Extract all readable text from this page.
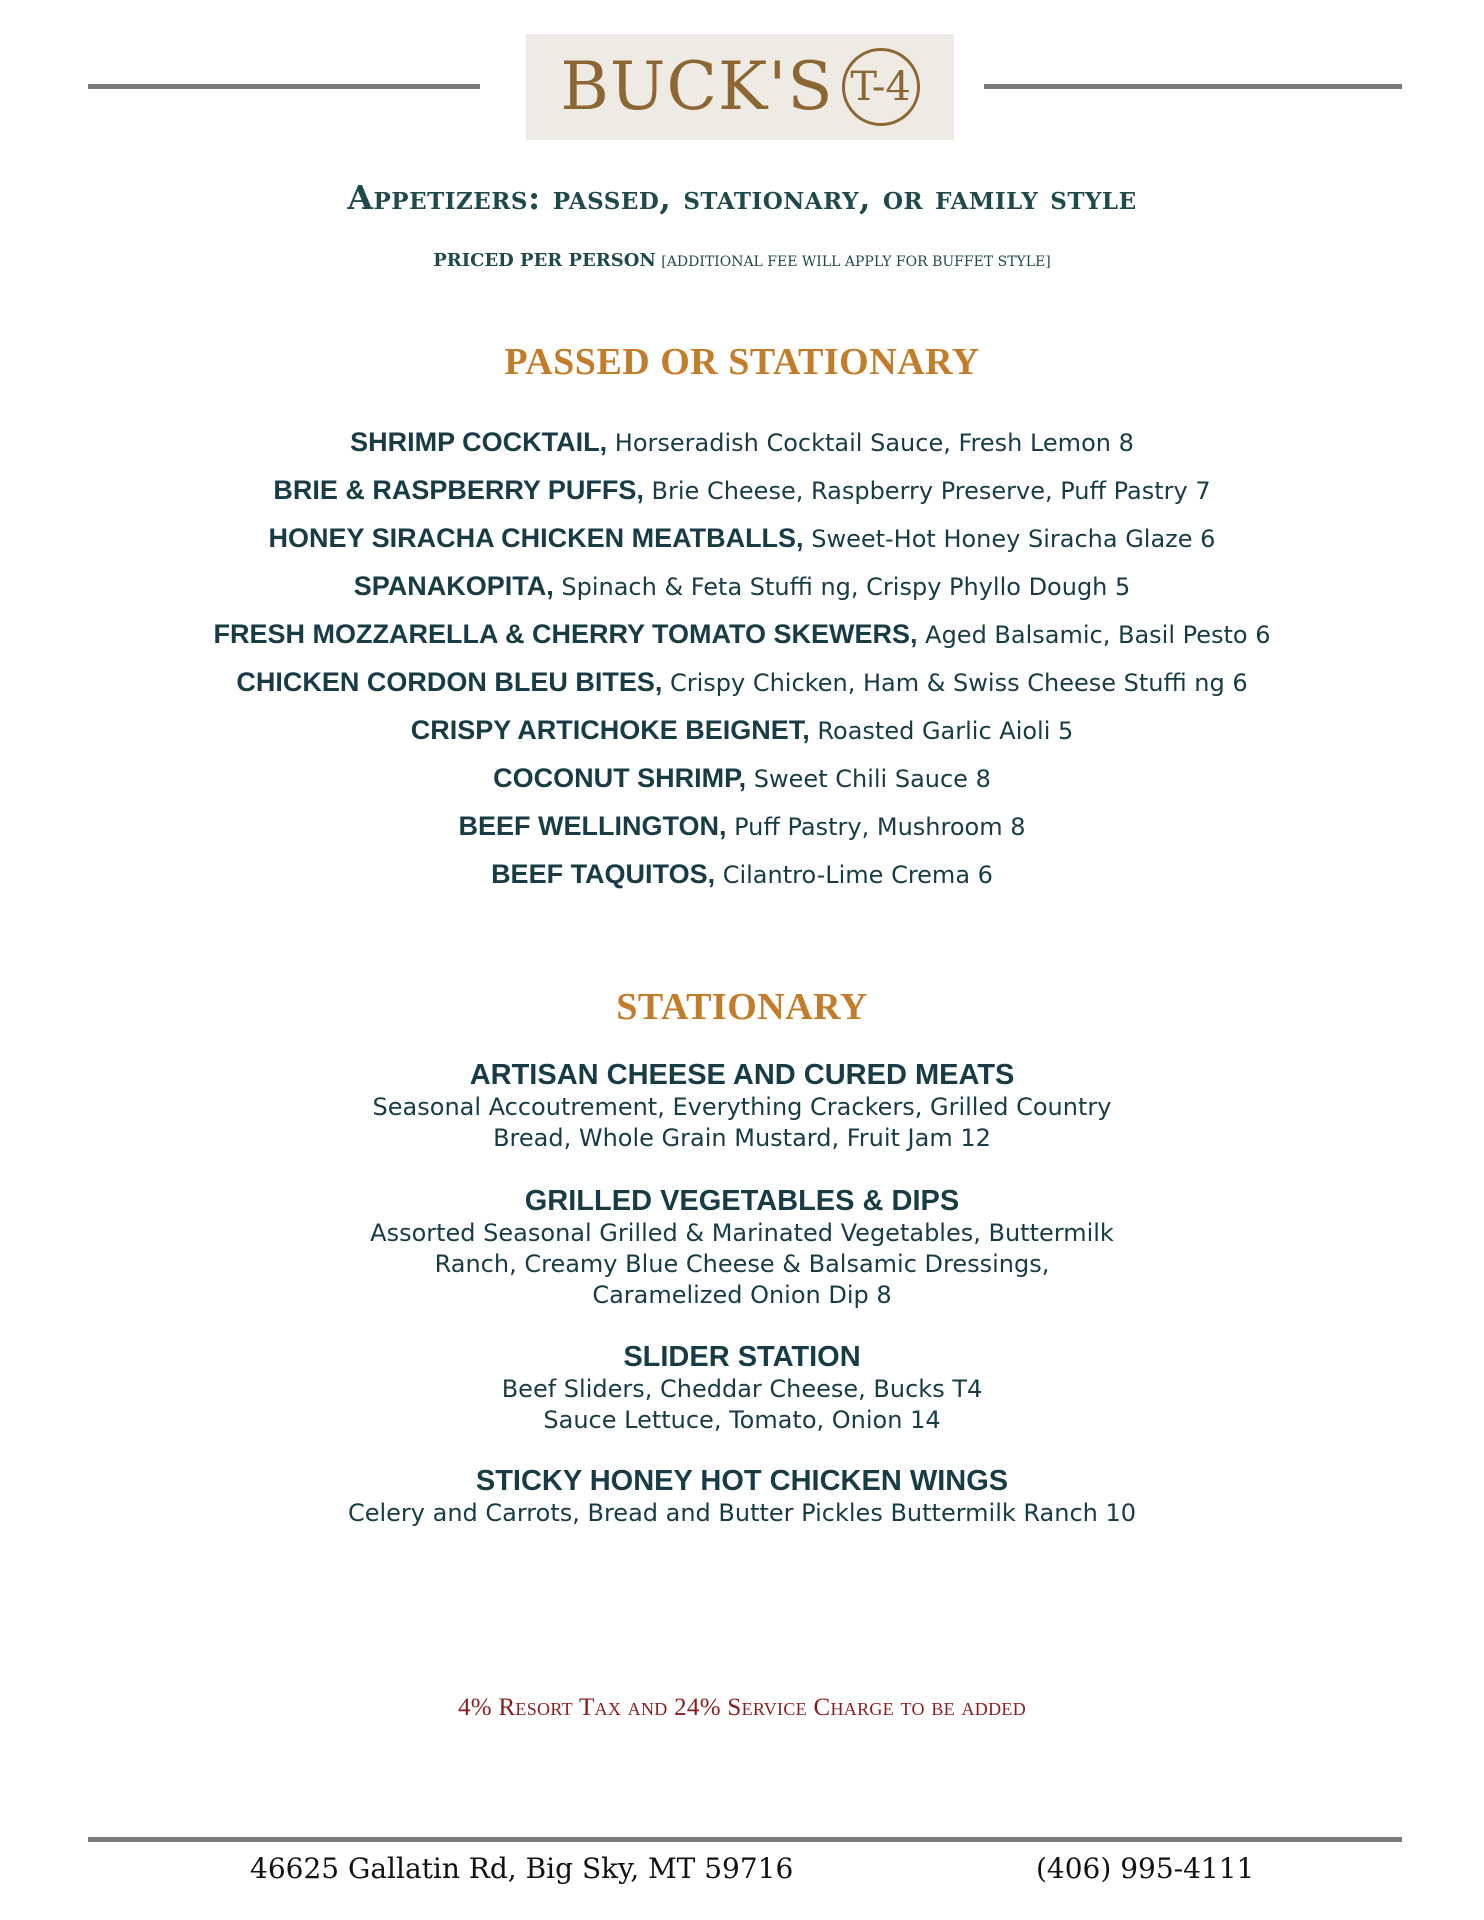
BUCK'S T-4
Appetizers: passed, stationary, or family style
PRICED PER PERSON [ADDITIONAL FEE WILL APPLY FOR BUFFET STYLE]
PASSED OR STATIONARY
SHRIMP COCKTAIL, Horseradish Cocktail Sauce, Fresh Lemon 8
BRIE & RASPBERRY PUFFS, Brie Cheese, Raspberry Preserve, Puff Pastry 7
HONEY SIRACHA CHICKEN MEATBALLS, Sweet-Hot Honey Siracha Glaze 6
SPANAKOPITA, Spinach & Feta Stuffi ng, Crispy Phyllo Dough 5
FRESH MOZZARELLA & CHERRY TOMATO SKEWERS, Aged Balsamic, Basil Pesto 6
CHICKEN CORDON BLEU BITES, Crispy Chicken, Ham & Swiss Cheese Stuffi ng 6
CRISPY ARTICHOKE BEIGNET, Roasted Garlic Aioli 5
COCONUT SHRIMP, Sweet Chili Sauce 8
BEEF WELLINGTON, Puff Pastry, Mushroom 8
BEEF TAQUITOS, Cilantro-Lime Crema 6
STATIONARY
ARTISAN CHEESE AND CURED MEATS
Seasonal Accoutrement, Everything Crackers, Grilled Country Bread, Whole Grain Mustard, Fruit Jam 12
GRILLED VEGETABLES & DIPS
Assorted Seasonal Grilled & Marinated Vegetables, Buttermilk Ranch, Creamy Blue Cheese & Balsamic Dressings, Caramelized Onion Dip 8
SLIDER STATION
Beef Sliders, Cheddar Cheese, Bucks T4 Sauce Lettuce, Tomato, Onion 14
STICKY HONEY HOT CHICKEN WINGS
Celery and Carrots, Bread and Butter Pickles Buttermilk Ranch 10
4% Resort Tax and 24% Service Charge to be added
46625 Gallatin Rd, Big Sky, MT 59716	(406) 995-4111
